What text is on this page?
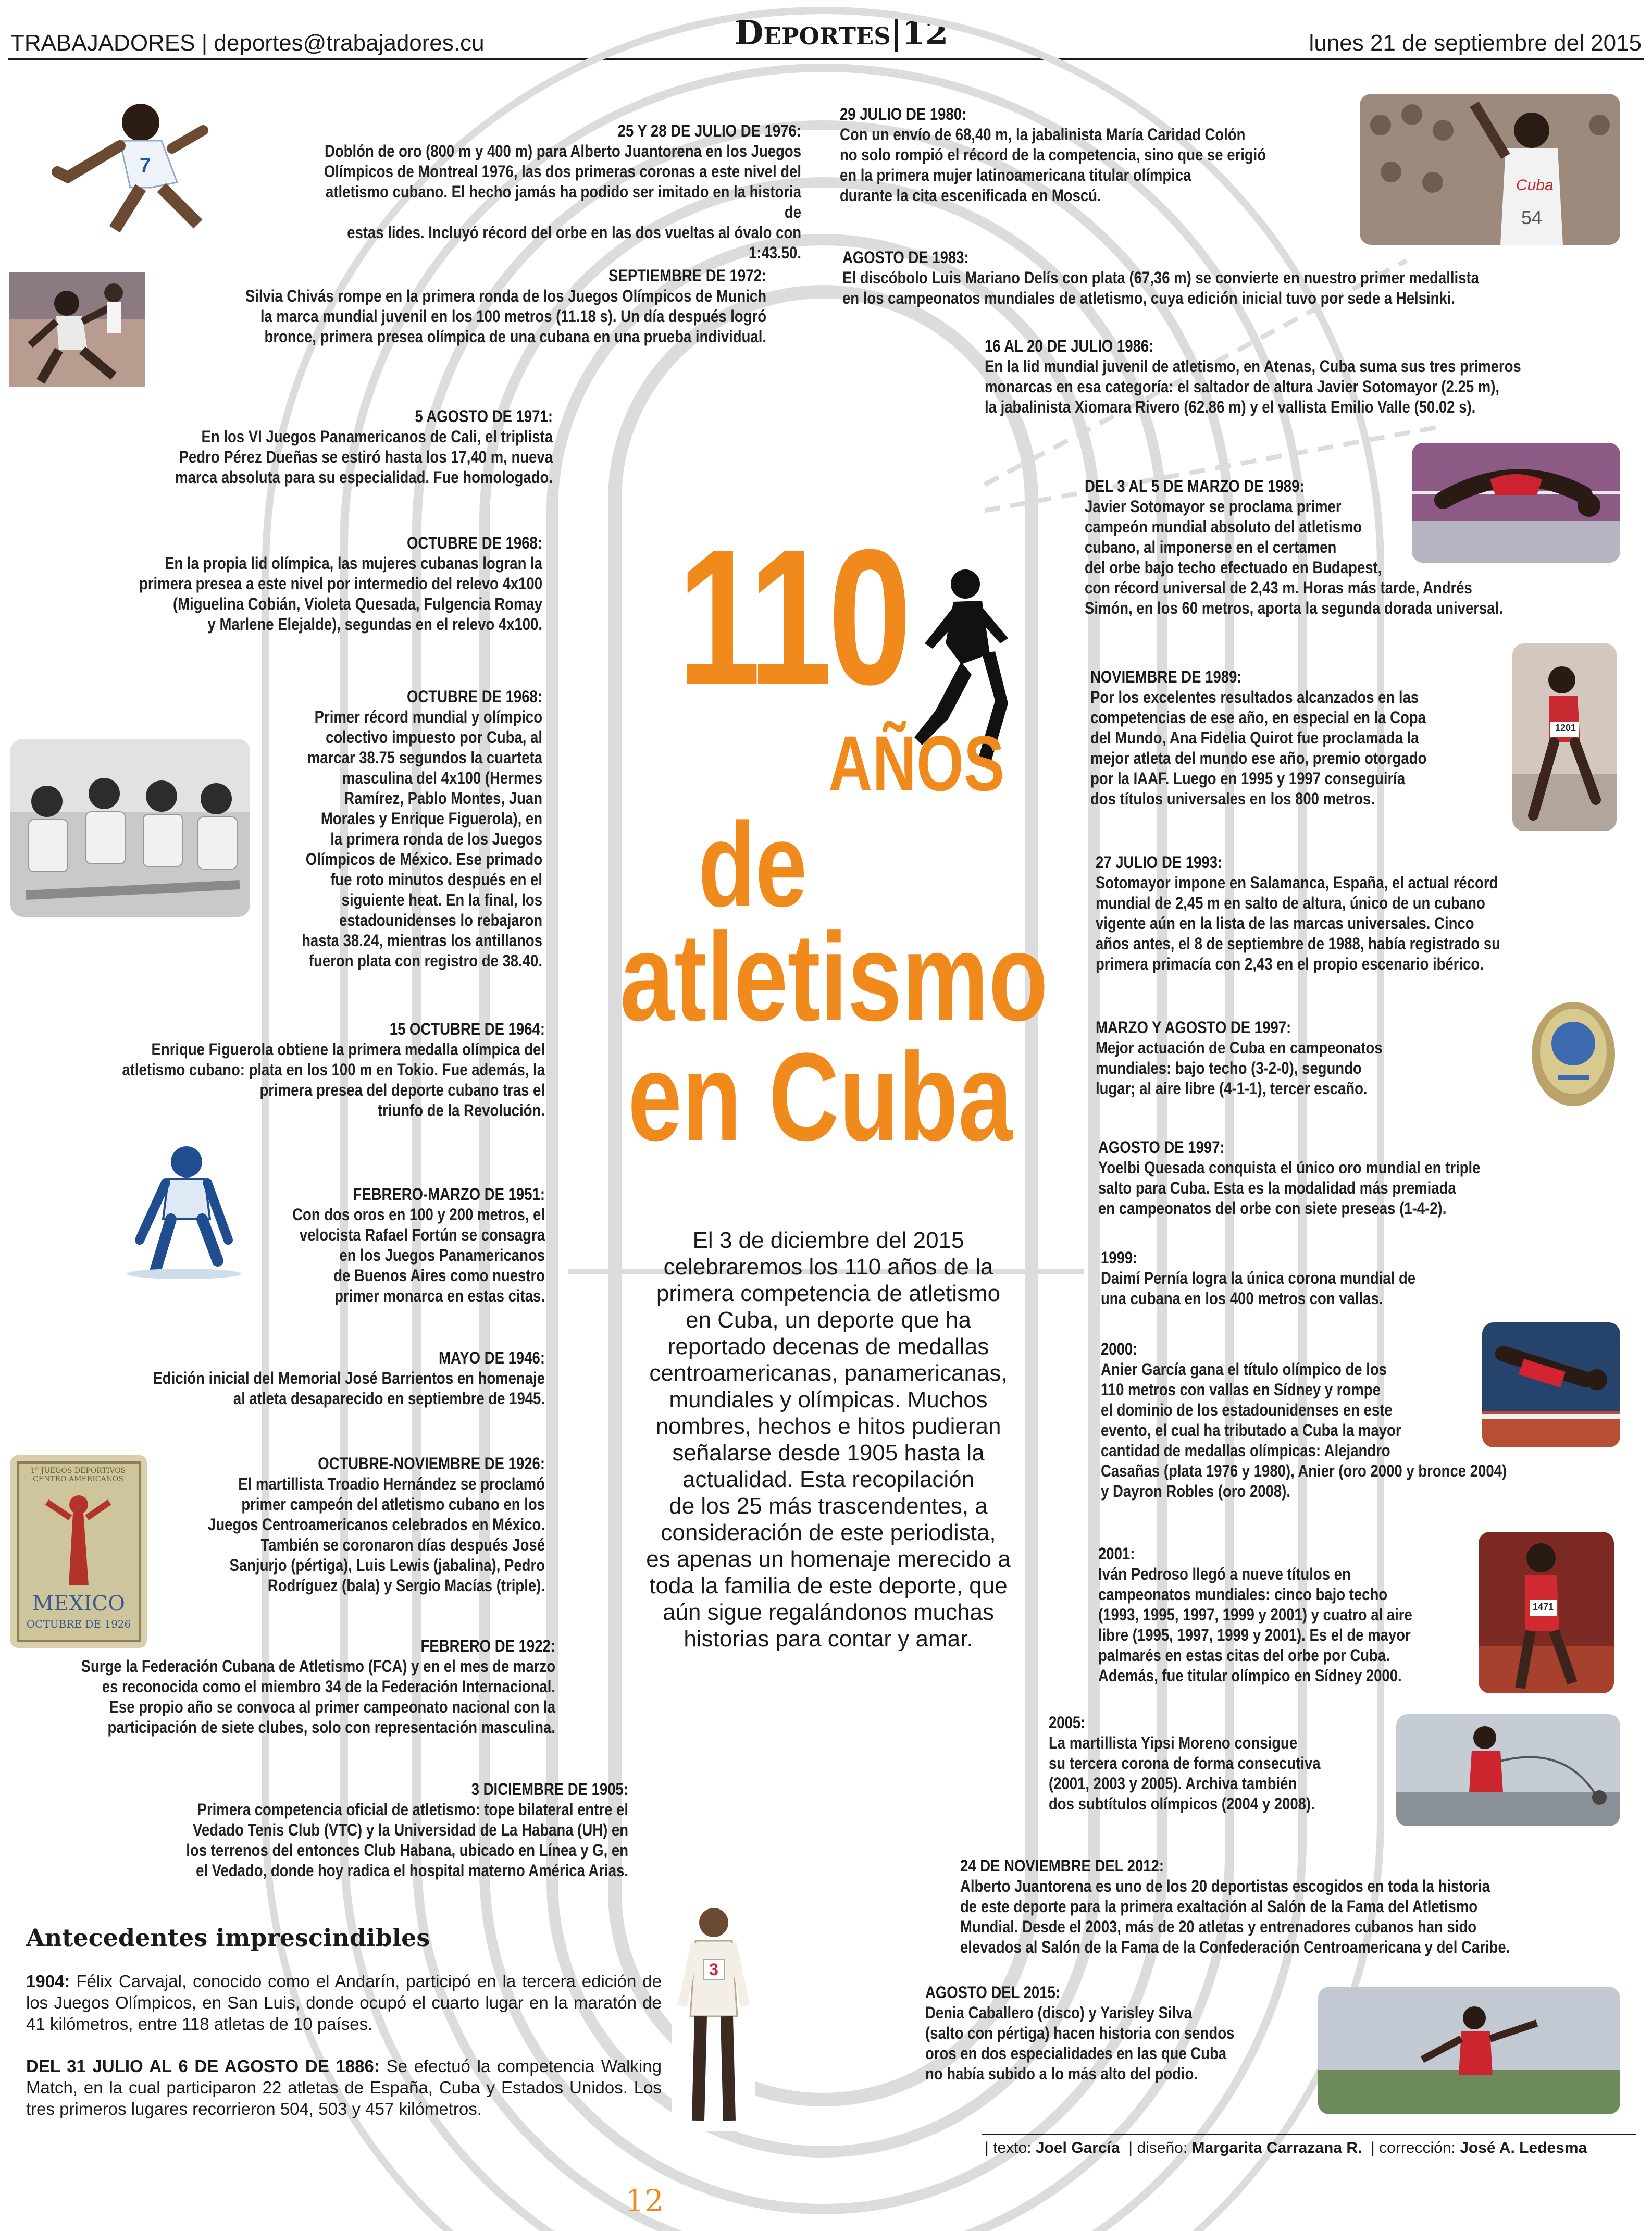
TRABAJADORES | deportes@trabajadores.cu	Deportes|12	lunes 21 de septiembre del 2015
7
1º JUEGOS DEPORTIVOS CENTRO AMERICANOS
MEXICO
OCTUBRE DE 1926
Cuba
54
1201
1471
3
110
AÑOS
de
atletismo
en Cuba
El 3 de diciembre del 2015
celebraremos los 110 años de la
primera competencia de atletismo
en Cuba, un deporte que ha
reportado decenas de medallas
centroamericanas, panamericanas,
mundiales y olímpicas. Muchos
nombres, hechos e hitos pudieran
señalarse desde 1905 hasta la
actualidad. Esta recopilación
de los 25 más trascendentes, a
consideración de este periodista,
es apenas un homenaje merecido a
toda la familia de este deporte, que
aún sigue regalándonos muchas
historias para contar y amar.
25 Y 28 DE JULIO DE 1976:
Doblón de oro (800 m y 400 m) para Alberto Juantorena en los Juegos
Olímpicos de Montreal 1976, las dos primeras coronas a este nivel del
atletismo cubano. El hecho jamás ha podido ser imitado en la historia de
estas lides. Incluyó récord del orbe en las dos vueltas al óvalo con 1:43.50.
SEPTIEMBRE DE 1972:
Silvia Chivás rompe en la primera ronda de los Juegos Olímpicos de Munich
la marca mundial juvenil en los 100 metros (11.18 s). Un día después logró
bronce, primera presea olímpica de una cubana en una prueba individual.
5 AGOSTO DE 1971:
En los VI Juegos Panamericanos de Cali, el triplista
Pedro Pérez Dueñas se estiró hasta los 17,40 m, nueva
marca absoluta para su especialidad. Fue homologado.
OCTUBRE DE 1968:
En la propia lid olímpica, las mujeres cubanas logran la
primera presea a este nivel por intermedio del relevo 4x100
(Miguelina Cobián, Violeta Quesada, Fulgencia Romay
y Marlene Elejalde), segundas en el relevo 4x100.
OCTUBRE DE 1968:
Primer récord mundial y olímpico
colectivo impuesto por Cuba, al
marcar 38.75 segundos la cuarteta
masculina del 4x100 (Hermes
Ramírez, Pablo Montes, Juan
Morales y Enrique Figuerola), en
la primera ronda de los Juegos
Olímpicos de México. Ese primado
fue roto minutos después en el
siguiente heat. En la final, los
estadounidenses lo rebajaron
hasta 38.24, mientras los antillanos
fueron plata con registro de 38.40.
15 OCTUBRE DE 1964:
Enrique Figuerola obtiene la primera medalla olímpica del
atletismo cubano: plata en los 100 m en Tokio. Fue además, la
primera presea del deporte cubano tras el
triunfo de la Revolución.
FEBRERO-MARZO DE 1951:
Con dos oros en 100 y 200 metros, el
velocista Rafael Fortún se consagra
en los Juegos Panamericanos
de Buenos Aires como nuestro
primer monarca en estas citas.
MAYO DE 1946:
Edición inicial del Memorial José Barrientos en homenaje
al atleta desaparecido en septiembre de 1945.
OCTUBRE-NOVIEMBRE DE 1926:
El martillista Troadio Hernández se proclamó
primer campeón del atletismo cubano en los
Juegos Centroamericanos celebrados en México.
También se coronaron días después José
Sanjurjo (pértiga), Luis Lewis (jabalina), Pedro
Rodríguez (bala) y Sergio Macías (triple).
FEBRERO DE 1922:
Surge la Federación Cubana de Atletismo (FCA) y en el mes de marzo
es reconocida como el miembro 34 de la Federación Internacional.
Ese propio año se convoca al primer campeonato nacional con la
participación de siete clubes, solo con representación masculina.
3 DICIEMBRE DE 1905:
Primera competencia oficial de atletismo: tope bilateral entre el
Vedado Tenis Club (VTC) y la Universidad de La Habana (UH) en
los terrenos del entonces Club Habana, ubicado en Línea y G, en
el Vedado, donde hoy radica el hospital materno América Arias.
29 JULIO DE 1980:
Con un envío de 68,40 m, la jabalinista María Caridad Colón
no solo rompió el récord de la competencia, sino que se erigió
en la primera mujer latinoamericana titular olímpica
durante la cita escenificada en Moscú.
AGOSTO DE 1983:
El discóbolo Luis Mariano Delís con plata (67,36 m) se convierte en nuestro primer medallista
en los campeonatos mundiales de atletismo, cuya edición inicial tuvo por sede a Helsinki.
16 AL 20 DE JULIO 1986:
En la lid mundial juvenil de atletismo, en Atenas, Cuba suma sus tres primeros
monarcas en esa categoría: el saltador de altura Javier Sotomayor (2.25 m),
la jabalinista Xiomara Rivero (62.86 m) y el vallista Emilio Valle (50.02 s).
DEL 3 AL 5 DE MARZO DE 1989:
Javier Sotomayor se proclama primer
campeón mundial absoluto del atletismo
cubano, al imponerse en el certamen
del orbe bajo techo efectuado en Budapest,
con récord universal de 2,43 m. Horas más tarde, Andrés
Simón, en los 60 metros, aporta la segunda dorada universal.
NOVIEMBRE DE 1989:
Por los excelentes resultados alcanzados en las
competencias de ese año, en especial en la Copa
del Mundo, Ana Fidelia Quirot fue proclamada la
mejor atleta del mundo ese año, premio otorgado
por la IAAF. Luego en 1995 y 1997 conseguiría
dos títulos universales en los 800 metros.
27 JULIO DE 1993:
Sotomayor impone en Salamanca, España, el actual récord
mundial de 2,45 m en salto de altura, único de un cubano
vigente aún en la lista de las marcas universales. Cinco
años antes, el 8 de septiembre de 1988, había registrado su
primera primacía con 2,43 en el propio escenario ibérico.
MARZO Y AGOSTO DE 1997:
Mejor actuación de Cuba en campeonatos
mundiales: bajo techo (3-2-0), segundo
lugar; al aire libre (4-1-1), tercer escaño.
AGOSTO DE 1997:
Yoelbi Quesada conquista el único oro mundial en triple
salto para Cuba. Esta es la modalidad más premiada
en campeonatos del orbe con siete preseas (1-4-2).
1999:
Daimí Pernía logra la única corona mundial de
una cubana en los 400 metros con vallas.
2000:
Anier García gana el título olímpico de los
110 metros con vallas en Sídney y rompe
el dominio de los estadounidenses en este
evento, el cual ha tributado a Cuba la mayor
cantidad de medallas olímpicas: Alejandro
Casañas (plata 1976 y 1980), Anier (oro 2000 y bronce 2004)
y Dayron Robles (oro 2008).
2001:
Iván Pedroso llegó a nueve títulos en
campeonatos mundiales: cinco bajo techo
(1993, 1995, 1997, 1999 y 2001) y cuatro al aire
libre (1995, 1997, 1999 y 2001). Es el de mayor
palmarés en estas citas del orbe por Cuba.
Además, fue titular olímpico en Sídney 2000.
2005:
La martillista Yipsi Moreno consigue
su tercera corona de forma consecutiva
(2001, 2003 y 2005). Archiva también
dos subtítulos olímpicos (2004 y 2008).
24 DE NOVIEMBRE DEL 2012:
Alberto Juantorena es uno de los 20 deportistas escogidos en toda la historia
de este deporte para la primera exaltación al Salón de la Fama del Atletismo
Mundial. Desde el 2003, más de 20 atletas y entrenadores cubanos han sido
elevados al Salón de la Fama de la Confederación Centroamericana y del Caribe.
AGOSTO DEL 2015:
Denia Caballero (disco) y Yarisley Silva
(salto con pértiga) hacen historia con sendos
oros en dos especialidades en las que Cuba
no había subido a lo más alto del podio.
Antecedentes imprescindibles

1904: Félix Carvajal, conocido como el Andarín, participó en la tercera edición de los Juegos Olímpicos, en San Luis, donde ocupó el cuarto lugar en la maratón de 41 kilómetros, entre 118 atletas de 10 países.

DEL 31 JULIO AL 6 DE AGOSTO DE 1886: Se efectuó la competencia Walking Match, en la cual participaron 22 atletas de España, Cuba y Estados Unidos. Los tres primeros lugares recorrieron 504, 503 y 457 kilómetros.

| texto: Joel García  | diseño: Margarita Carrazana R.  | corrección: José A. Ledesma
12
